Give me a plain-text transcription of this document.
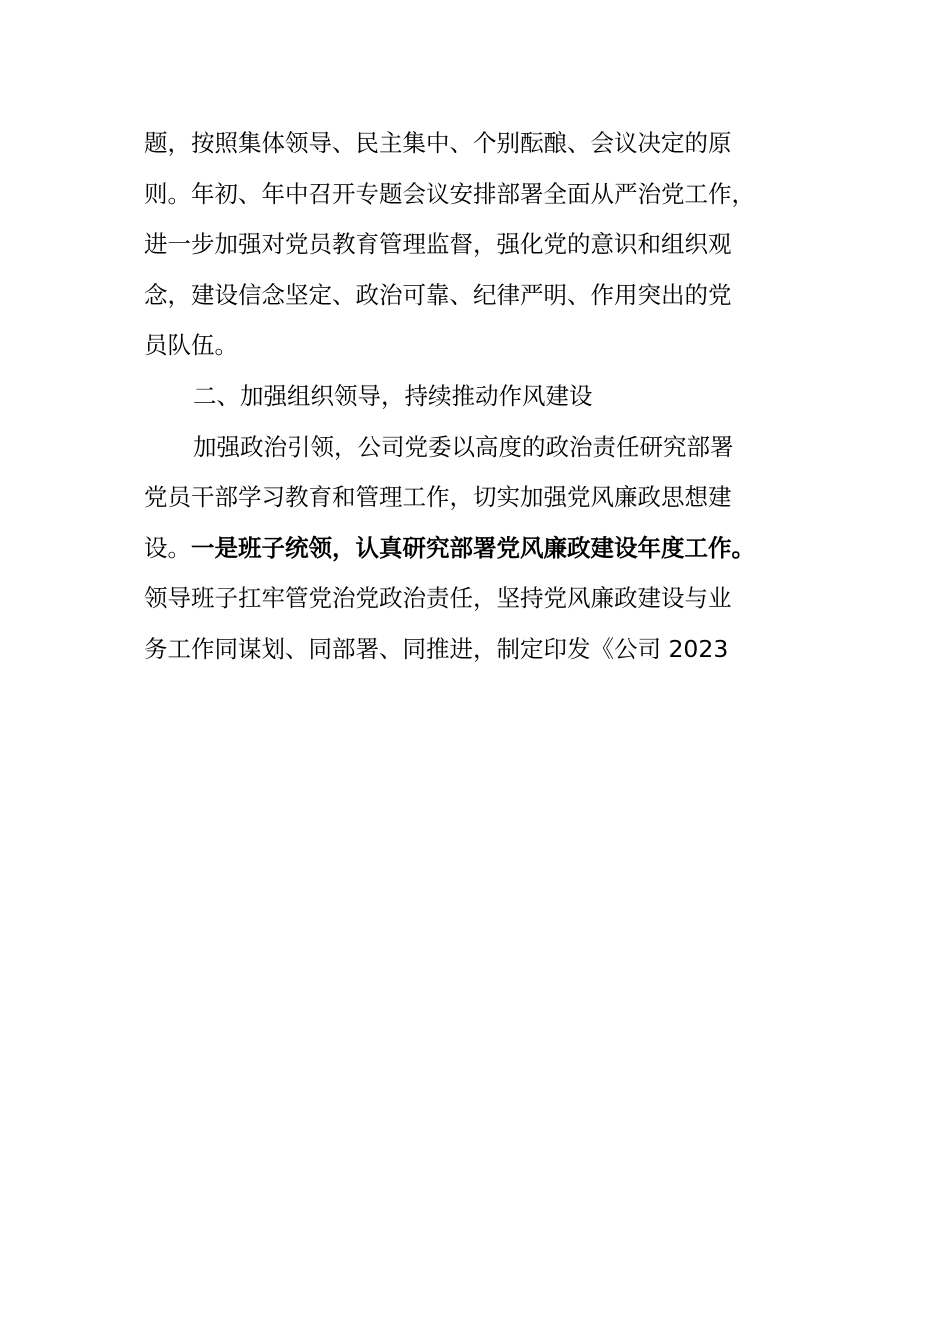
题，按照集体领导、民主集中、个别酝酿、会议决定的原
则。年初、年中召开专题会议安排部署全面从严治党工作，
进一步加强对党员教育管理监督，强化党的意识和组织观
念，建设信念坚定、政治可靠、纪律严明、作用突出的党
员队伍。
二、加强组织领导，持续推动作风建设
加强政治引领，公司党委以高度的政治责任研究部署
党员干部学习教育和管理工作，切实加强党风廉政思想建
设。一是班子统领，认真研究部署党风廉政建设年度工作。
领导班子扛牢管党治党政治责任，坚持党风廉政建设与业
务工作同谋划、同部署、同推进，制定印发《公司 2023
